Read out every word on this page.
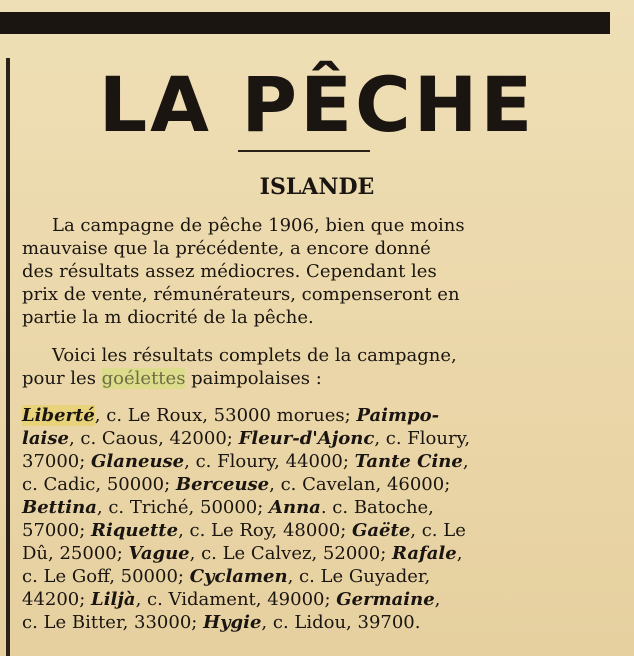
LA PÊCHE
ISLANDE
La campagne de pêche 1906, bien que moins
mauvaise que la précédente, a encore donné
des résultats assez médiocres. Cependant les
prix de vente, rémunérateurs, compenseront en
partie la m diocrité de la pêche.
Voici les résultats complets de la campagne,
pour les goélettes paimpolaises :
Liberté, c. Le Roux, 53000 morues; Paimpo-
laise, c. Caous, 42000; Fleur-d'Ajonc, c. Floury,
37000; Glaneuse, c. Floury, 44000; Tante Cine,
c. Cadic, 50000; Berceuse, c. Cavelan, 46000;
Bettina, c. Triché, 50000; Anna. c. Batoche,
57000; Riquette, c. Le Roy, 48000; Gaëte, c. Le
Dû, 25000; Vague, c. Le Calvez, 52000; Rafale,
c. Le Goff, 50000; Cyclamen, c. Le Guyader,
44200; Liljà, c. Vidament, 49000; Germaine,
c. Le Bitter, 33000; Hygie, c. Lidou, 39700.
